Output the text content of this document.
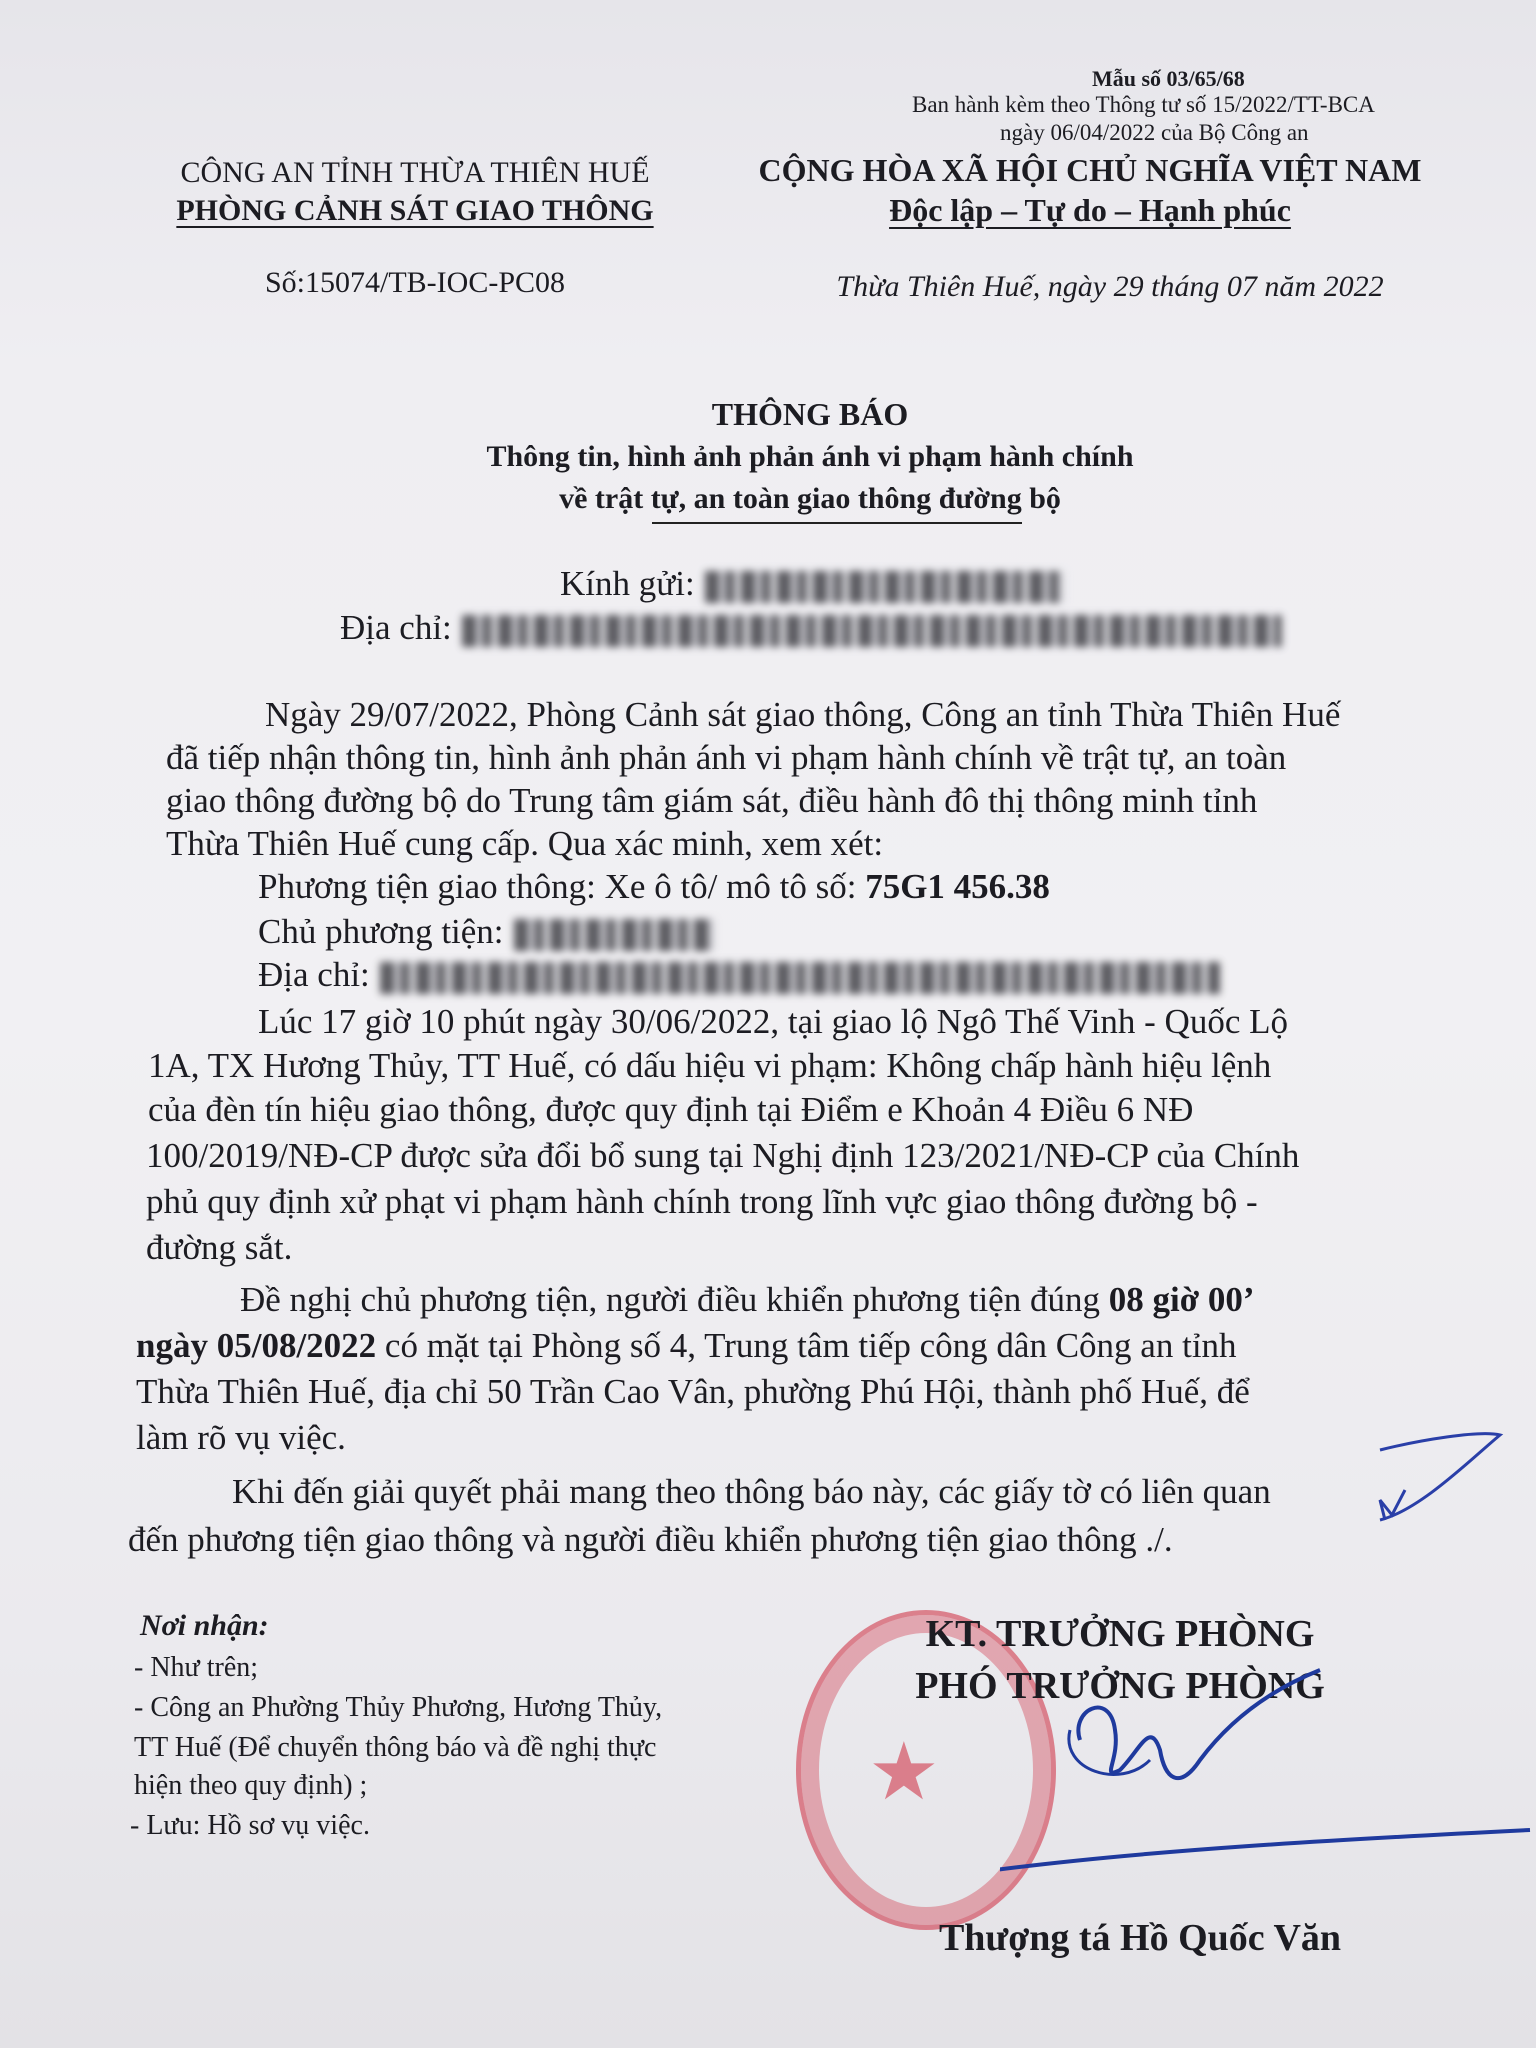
Mẫu số 03/65/68
Ban hành kèm theo Thông tư số 15/2022/TT-BCA
ngày 06/04/2022 của Bộ Công an
CÔNG AN TỈNH THỪA THIÊN HUẾ
PHÒNG CẢNH SÁT GIAO THÔNG
Số:15074/TB-IOC-PC08
CỘNG HÒA XÃ HỘI CHỦ NGHĨA VIỆT NAM
Độc lập – Tự do – Hạnh phúc
Thừa Thiên Huế, ngày 29 tháng 07 năm 2022
THÔNG BÁO
Thông tin, hình ảnh phản ánh vi phạm hành chính
về trật tự, an toàn giao thông đường bộ
Kính gửi:
Địa chỉ:
Ngày 29/07/2022, Phòng Cảnh sát giao thông, Công an tỉnh Thừa Thiên Huế
đã tiếp nhận thông tin, hình ảnh phản ánh vi phạm hành chính về trật tự, an toàn
giao thông đường bộ do Trung tâm giám sát, điều hành đô thị thông minh tỉnh
Thừa Thiên Huế cung cấp. Qua xác minh, xem xét:
Phương tiện giao thông: Xe ô tô/ mô tô số: 75G1 456.38
Chủ phương tiện:
Địa chỉ:
Lúc 17 giờ 10 phút ngày 30/06/2022, tại giao lộ Ngô Thế Vinh - Quốc Lộ
1A, TX Hương Thủy, TT Huế, có dấu hiệu vi phạm: Không chấp hành hiệu lệnh
của đèn tín hiệu giao thông, được quy định tại Điểm e Khoản 4 Điều 6 NĐ
100/2019/NĐ-CP được sửa đổi bổ sung tại Nghị định 123/2021/NĐ-CP của Chính
phủ quy định xử phạt vi phạm hành chính trong lĩnh vực giao thông đường bộ -
đường sắt.
Đề nghị chủ phương tiện, người điều khiển phương tiện đúng 08 giờ 00’
ngày 05/08/2022 có mặt tại Phòng số 4, Trung tâm tiếp công dân Công an tỉnh
Thừa Thiên Huế, địa chỉ 50 Trần Cao Vân, phường Phú Hội, thành phố Huế, để
làm rõ vụ việc.
Khi đến giải quyết phải mang theo thông báo này, các giấy tờ có liên quan
đến phương tiện giao thông và người điều khiển phương tiện giao thông ./.
Nơi nhận:
- Như trên;
- Công an Phường Thủy Phương, Hương Thủy,
TT Huế (Để chuyển thông báo và đề nghị thực
hiện theo quy định) ;
- Lưu: Hồ sơ vụ việc.
★
KT. TRƯỞNG PHÒNG
PHÓ TRƯỞNG PHÒNG
Thượng tá Hồ Quốc Văn
